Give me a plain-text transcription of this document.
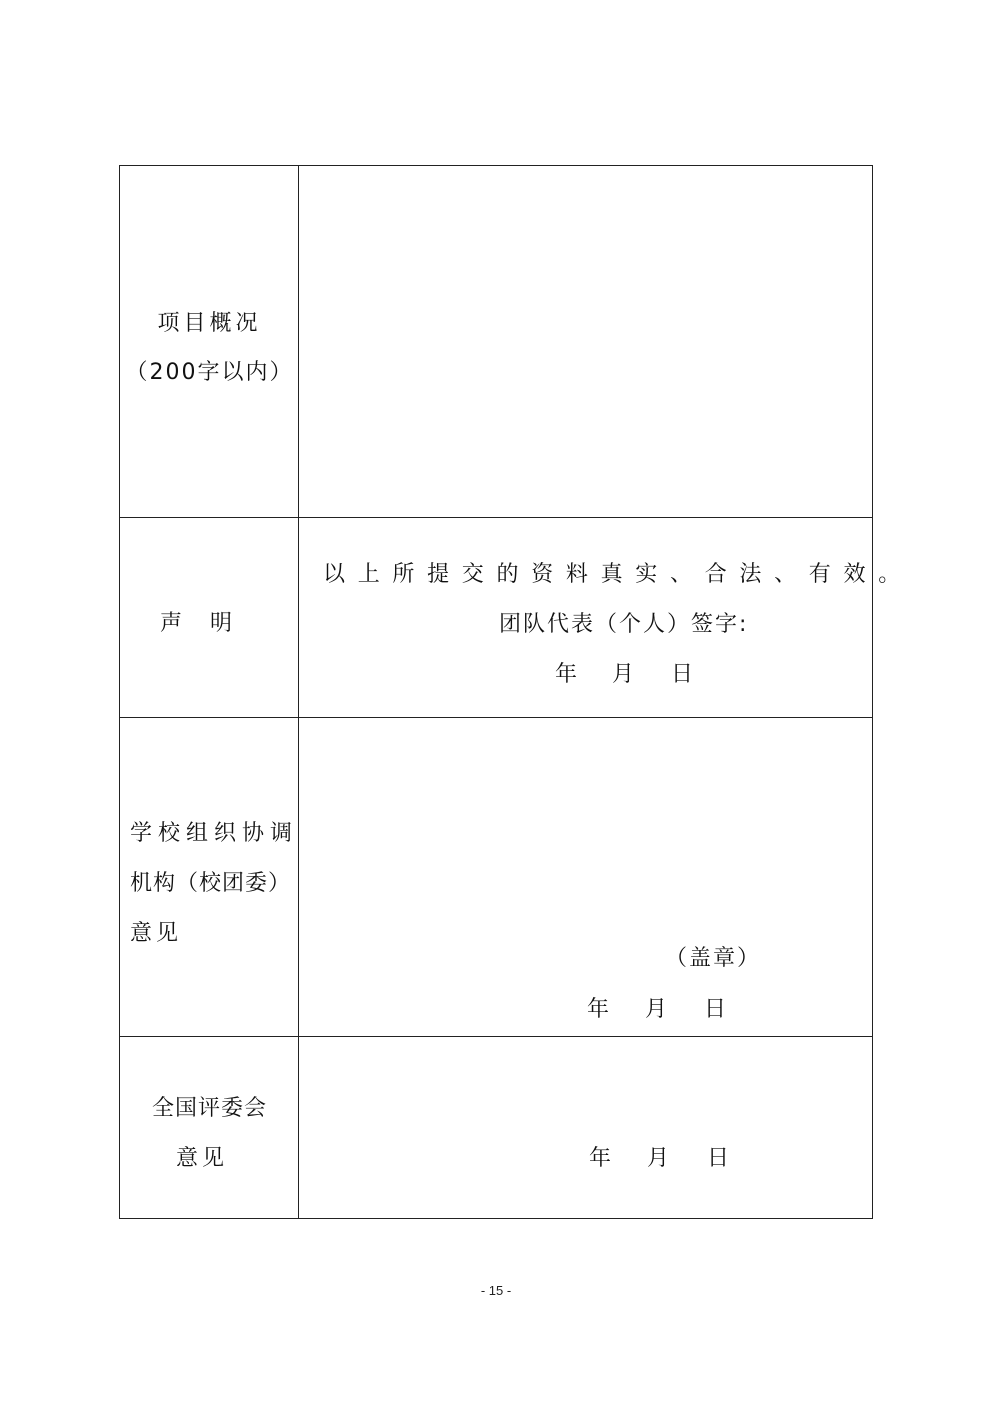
项目概况
（200字以内）
声    明
以上所提交的资料真实、合法、有效。
团队代表（个人）签字:
年 月 日
学校组织协调
机构（校团委）
意见
（盖章）
年 月 日
全国评委会
意见	年 月 日
- 15 -
